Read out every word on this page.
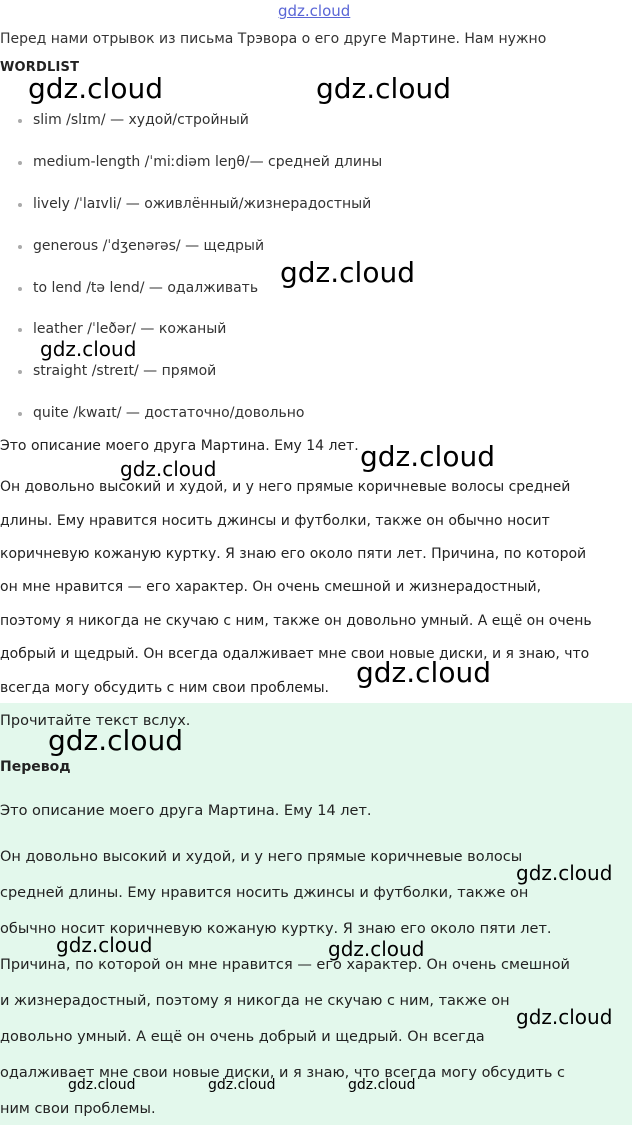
gdz.cloud
Перед нами отрывок из письма Трэвора о его друге Мартине. Нам нужно
WORDLIST
slim /slɪm/ — худой/стройный
medium-length /ˈmiːdiəm leŋθ/— средней длины
lively /ˈlaɪvli/ — оживлённый/жизнерадостный
generous /ˈdʒenərəs/ — щедрый
to lend /tə lend/ — одалживать
leather /ˈleðər/ — кожаный
straight /streɪt/ — прямой
quite /kwaɪt/ — достаточно/довольно
Это описание моего друга Мартина. Ему 14 лет.
Он довольно высокий и худой, и у него прямые коричневые волосы средней
длины. Ему нравится носить джинсы и футболки, также он обычно носит
коричневую кожаную куртку. Я знаю его около пяти лет. Причина, по которой
он мне нравится — его характер. Он очень смешной и жизнерадостный,
поэтому я никогда не скучаю с ним, также он довольно умный. А ещё он очень
добрый и щедрый. Он всегда одалживает мне свои новые диски, и я знаю, что
всегда могу обсудить с ним свои проблемы.
Прочитайте текст вслух.
Перевод
Это описание моего друга Мартина. Ему 14 лет.
Он довольно высокий и худой, и у него прямые коричневые волосы
средней длины. Ему нравится носить джинсы и футболки, также он
обычно носит коричневую кожаную куртку. Я знаю его около пяти лет.
Причина, по которой он мне нравится — его характер. Он очень смешной
и жизнерадостный, поэтому я никогда не скучаю с ним, также он
довольно умный. А ещё он очень добрый и щедрый. Он всегда
одалживает мне свои новые диски, и я знаю, что всегда могу обсудить с
ним свои проблемы.
gdz.cloud	gdz.cloud
gdz.cloud
gdz.cloud
gdz.cloud
gdz.cloud
gdz.cloud
gdz.cloud
gdz.cloud
gdz.cloud	gdz.cloud
gdz.cloud
gdz.cloud	gdz.cloud	gdz.cloud
